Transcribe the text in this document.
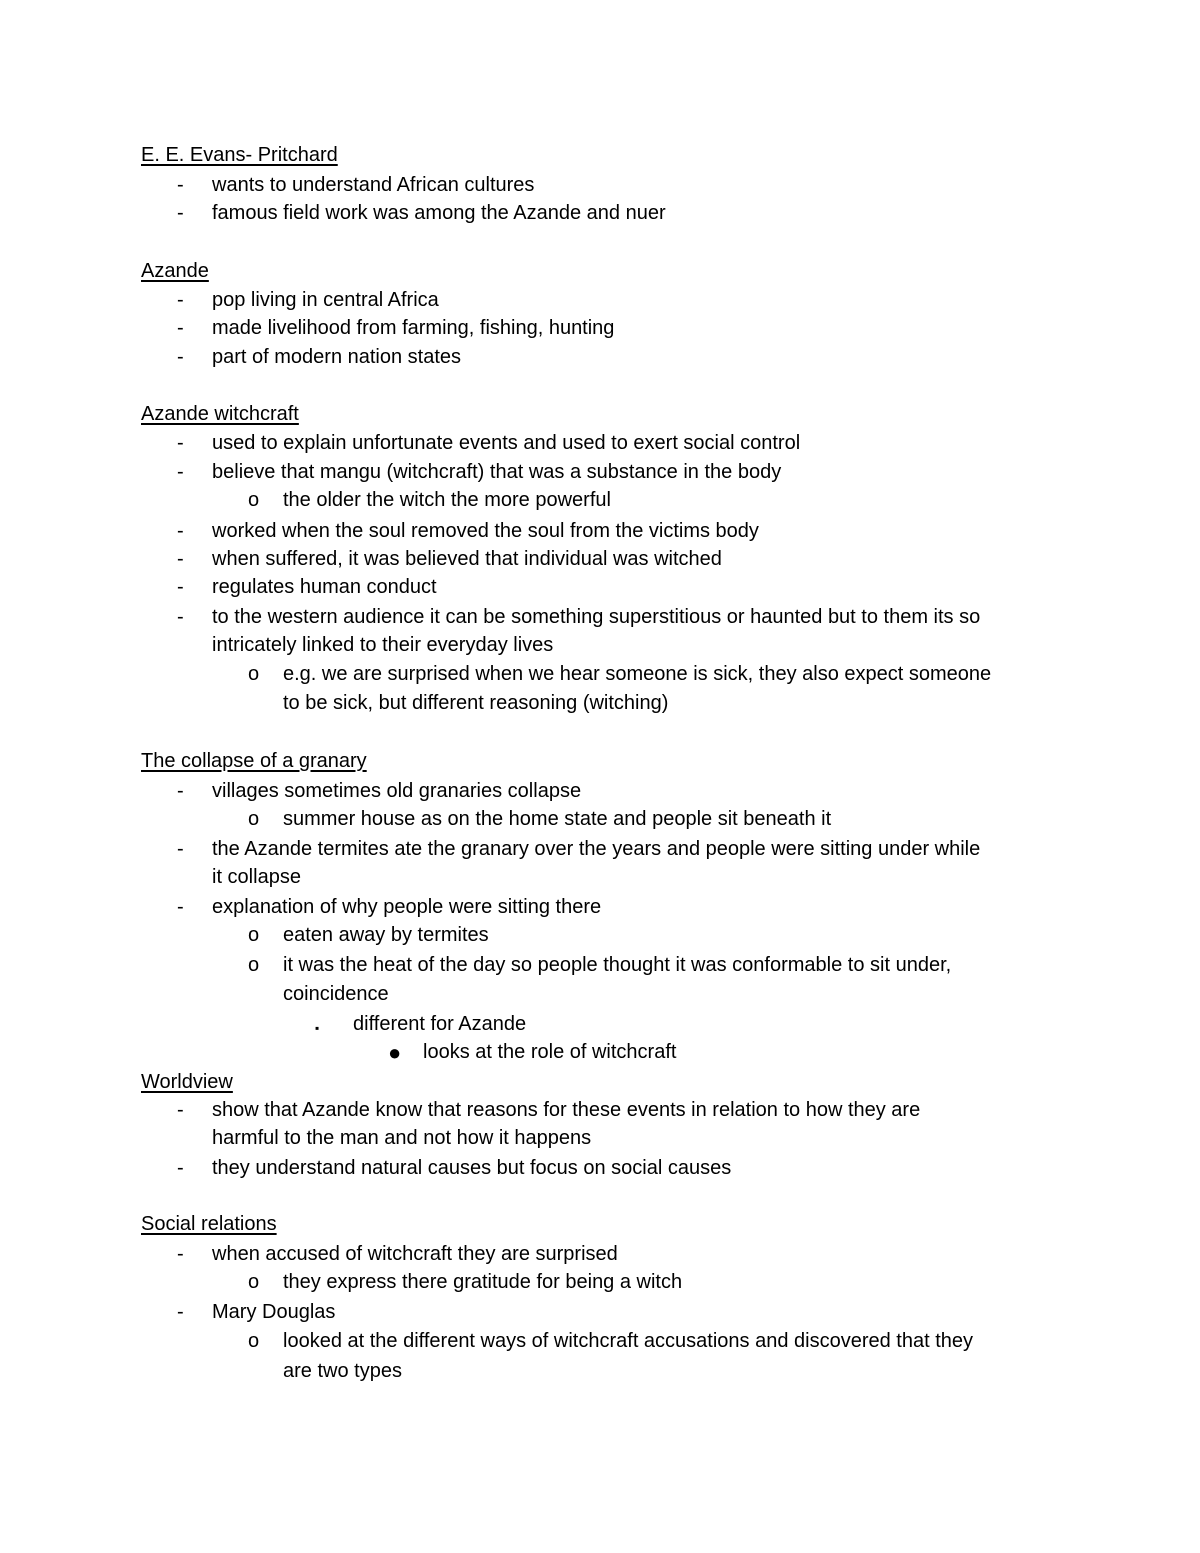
E. E. Evans- Pritchard
- wants to understand African cultures
- famous field work was among the Azande and nuer
Azande
- pop living in central Africa
- made livelihood from farming, fishing, hunting
- part of modern nation states
Azande witchcraft
- used to explain unfortunate events and used to exert social control
- believe that mangu (witchcraft) that was a substance in the body
o the older the witch the more powerful
- worked when the soul removed the soul from the victims body
- when suffered, it was believed that individual was witched
- regulates human conduct
- to the western audience it can be something superstitious or haunted but to them its so
intricately linked to their everyday lives
o e.g. we are surprised when we hear someone is sick, they also expect someone
to be sick, but different reasoning (witching)
The collapse of a granary
- villages sometimes old granaries collapse
o summer house as on the home state and people sit beneath it
- the Azande termites ate the granary over the years and people were sitting under while
it collapse
- explanation of why people were sitting there
o eaten away by termites
o it was the heat of the day so people thought it was conformable to sit under,
coincidence
▪ different for Azande
● looks at the role of witchcraft
Worldview
- show that Azande know that reasons for these events in relation to how they are
harmful to the man and not how it happens
- they understand natural causes but focus on social causes
Social relations
- when accused of witchcraft they are surprised
o they express there gratitude for being a witch
- Mary Douglas
o looked at the different ways of witchcraft accusations and discovered that they
are two types
